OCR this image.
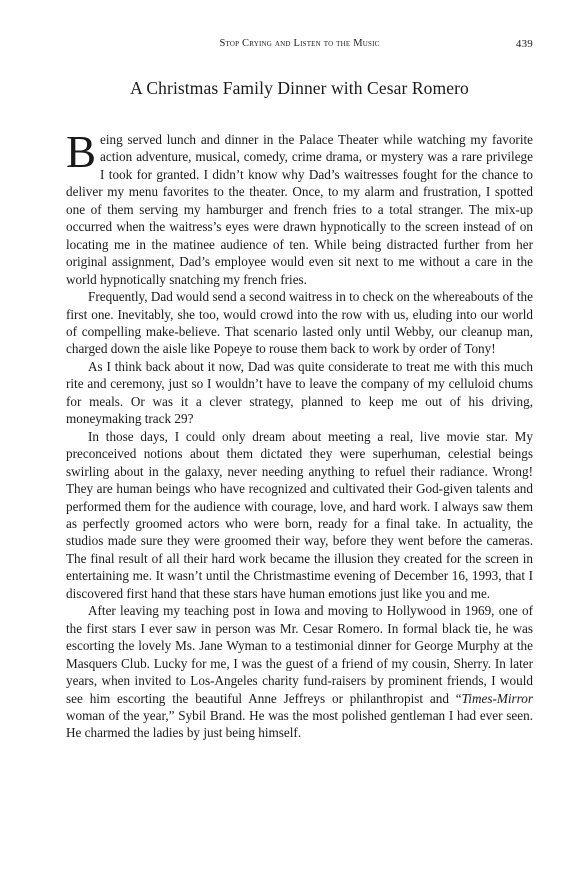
Stop Crying and Listen to the Music	439
A Christmas Family Dinner with Cesar Romero

Being served lunch and dinner in the Palace Theater while watching my favorite action adventure, musical, comedy, crime drama, or mystery was a rare privilege I took for granted. I didn’t know why Dad’s waitresses fought for the chance to deliver my menu favorites to the theater. Once, to my alarm and frustration, I spotted one of them serving my hamburger and french fries to a total stranger. The mix-up occurred when the waitress’s eyes were drawn hypnotically to the screen instead of on locating me in the matinee audience of ten. While being distracted further from her original assignment, Dad’s employee would even sit next to me without a care in the world hypnotically snatching my french fries.

Frequently, Dad would send a second waitress in to check on the whereabouts of the first one. Inevitably, she too, would crowd into the row with us, eluding into our world of compelling make-believe. That scenario lasted only until Webby, our cleanup man, charged down the aisle like Popeye to rouse them back to work by order of Tony!

As I think back about it now, Dad was quite considerate to treat me with this much rite and ceremony, just so I wouldn’t have to leave the company of my celluloid chums for meals. Or was it a clever strategy, planned to keep me out of his driving, moneymaking track 29?

In those days, I could only dream about meeting a real, live movie star. My preconceived notions about them dictated they were superhuman, celestial beings swirling about in the galaxy, never needing anything to refuel their radiance. Wrong! They are human beings who have recognized and cultivated their God-given talents and performed them for the audience with courage, love, and hard work. I always saw them as perfectly groomed actors who were born, ready for a final take. In actuality, the studios made sure they were groomed their way, before they went before the cameras. The final result of all their hard work became the illusion they created for the screen in entertaining me. It wasn’t until the Christmastime evening of December 16, 1993, that I discovered first hand that these stars have human emotions just like you and me.

After leaving my teaching post in Iowa and moving to Hollywood in 1969, one of the first stars I ever saw in person was Mr. Cesar Romero. In formal black tie, he was escorting the lovely Ms. Jane Wyman to a testimonial dinner for George Murphy at the Masquers Club. Lucky for me, I was the guest of a friend of my cousin, Sherry. In later years, when invited to Los-Angeles charity fund-raisers by prominent friends, I would see him escorting the beautiful Anne Jeffreys or philanthropist and “Times-Mirror woman of the year,” Sybil Brand. He was the most polished gentleman I had ever seen. He charmed the ladies by just being himself.
